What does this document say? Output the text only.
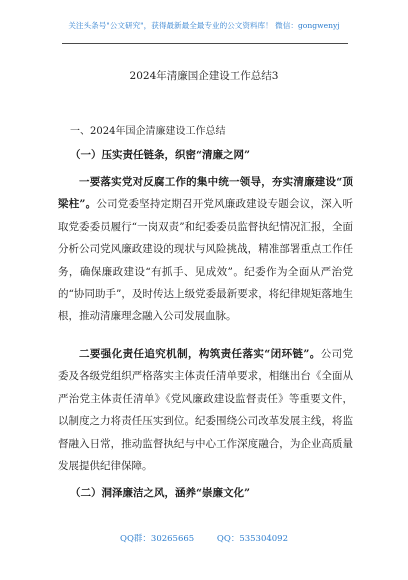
关注头条号"公文研究"，获得最新最全最专业的公文资料库！ 微信：gongwenyj
2024年清廉国企建设工作总结3
一、2024年国企清廉建设工作总结
（一）压实责任链条，织密“清廉之网”
一要落实党对反腐工作的集中统一领导，夯实清廉建设“顶梁柱”。公司党委坚持定期召开党风廉政建设专题会议，深入听取党委委员履行“一岗双责”和纪委委员监督执纪情况汇报，全面分析公司党风廉政建设的现状与风险挑战，精准部署重点工作任务，确保廉政建设“有抓手、见成效”。纪委作为全面从严治党的“协同助手”，及时传达上级党委最新要求，将纪律规矩落地生根，推动清廉理念融入公司发展血脉。
二要强化责任追究机制，构筑责任落实“闭环链”。公司党委及各级党组织严格落实主体责任清单要求，相继出台《全面从严治党主体责任清单》《党风廉政建设监督责任》等重要文件，以制度之力将责任压实到位。纪委围绕公司改革发展主线，将监督融入日常，推动监督执纪与中心工作深度融合，为企业高质量发展提供纪律保障。
（二）洞泽廉洁之风，涵养“崇廉文化”
QQ群：30265665	QQ：535304092
